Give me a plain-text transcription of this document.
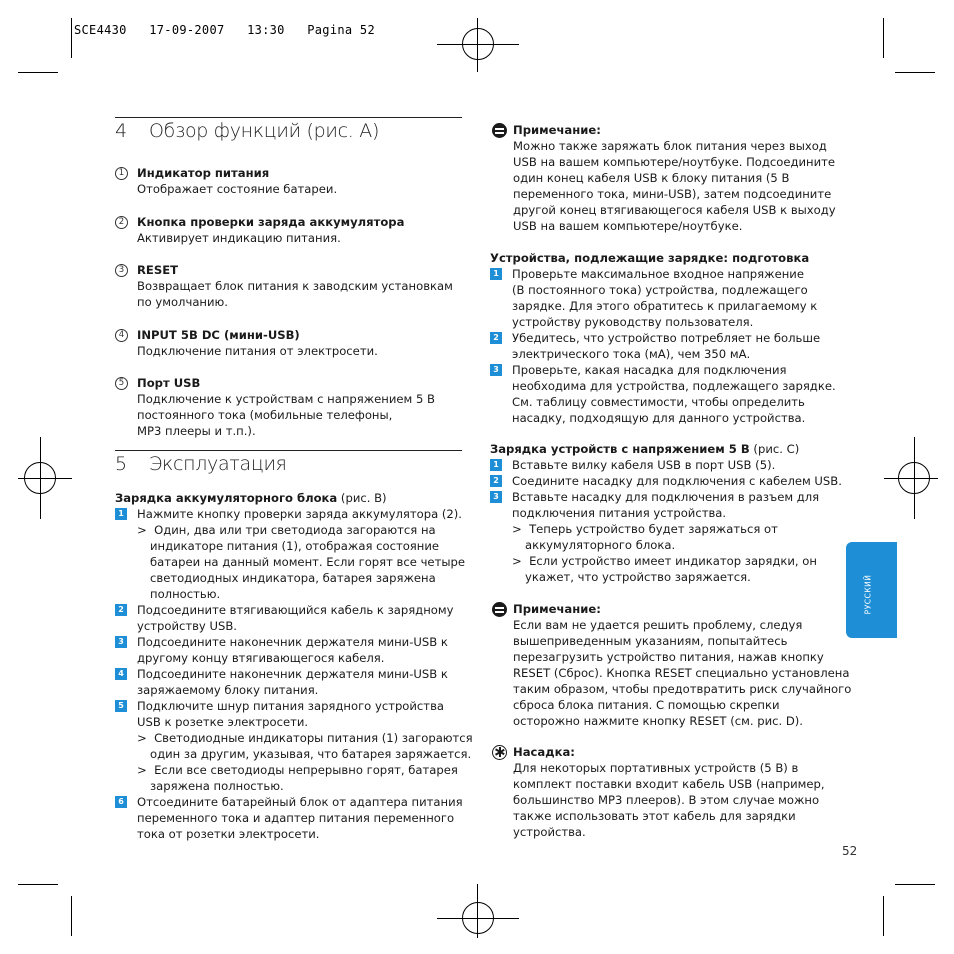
SCE4430   17-09-2007   13:30   Pagina 52
4 Обзор функций (рис. A)
1	Индикатор питания
Отображает состояние батареи.
2	Кнопка проверки заряда аккумулятора
Активирует индикацию питания.
3	RESET
Возвращает блок питания к заводским установкам
по умолчанию.
4	INPUT 5B DC (мини-USB)
Подключение питания от электросети.
5	Порт USB
Подключение к устройствам с напряжением 5 В
постоянного тока (мобильные телефоны,
MP3 плееры и т.п.).
5 Эксплуатация
Зарядка аккумуляторного блока (рис. B)
1 Нажмите кнопку проверки заряда аккумулятора (2).
>  Один, два или три светодиода загораются на
индикаторе питания (1), отображая состояние
батареи на данный момент. Если горят все четыре
светодиодных индикатора, батарея заряжена
полностью.
2 Подсоедините втягивающийся кабель к зарядному
устройству USB.
3 Подсоедините наконечник держателя мини-USB к
другому концу втягивающегося кабеля.
4 Подсоедините наконечник держателя мини-USB к
заряжаемому блоку питания.
5 Подключите шнур питания зарядного устройства
USB к розетке электросети.
>  Светодиодные индикаторы питания (1) загораются
один за другим, указывая, что батарея заряжается.
>  Если все светодиоды непрерывно горят, батарея
заряжена полностью.
6 Отсоедините батарейный блок от адаптера питания
переменного тока и адаптер питания переменного
тока от розетки электросети.
Примечание:
Можно также заряжать блок питания через выход
USB на вашем компьютере/ноутбуке. Подсоедините
один конец кабеля USB к блоку питания (5 В
переменного тока, мини-USB), затем подсоедините
другой конец втягивающегося кабеля USB к выходу
USB на вашем компьютере/ноутбуке.
Устройства, подлежащие зарядке: подготовка
1 Проверьте максимальное входное напряжение
(В постоянного тока) устройства, подлежащего
зарядке. Для этого обратитесь к прилагаемому к
устройству руководству пользователя.
2 Убедитесь, что устройство потребляет не больше
электрического тока (мА), чем 350 мА.
3 Проверьте, какая насадка для подключения
необходима для устройства, подлежащего зарядке.
См. таблицу совместимости, чтобы определить
насадку, подходящую для данного устройства.
Зарядка устройств с напряжением 5 В (рис. C)
1 Вставьте вилку кабеля USB в порт USB (5).
2 Соедините насадку для подключения с кабелем USB.
3 Вставьте насадку для подключения в разъем для
подключения питания устройства.
>  Теперь устройство будет заряжаться от
аккумуляторного блока.
>  Если устройство имеет индикатор зарядки, он
укажет, что устройство заряжается.
Примечание:
Если вам не удается решить проблему, следуя
вышеприведенным указаниям, попытайтесь
перезагрузить устройство питания, нажав кнопку
RESET (Сброс). Кнопка RESET специально установлена
таким образом, чтобы предотвратить риск случайного
сброса блока питания. С помощью скрепки
осторожно нажмите кнопку RESET (см. рис. D).
Насадка:
Для некоторых портативных устройств (5 В) в
комплект поставки входит кабель USB (например,
большинство MP3 плееров). В этом случае можно
также использовать этот кабель для зарядки
устройства.
РУССКИЙ
52
